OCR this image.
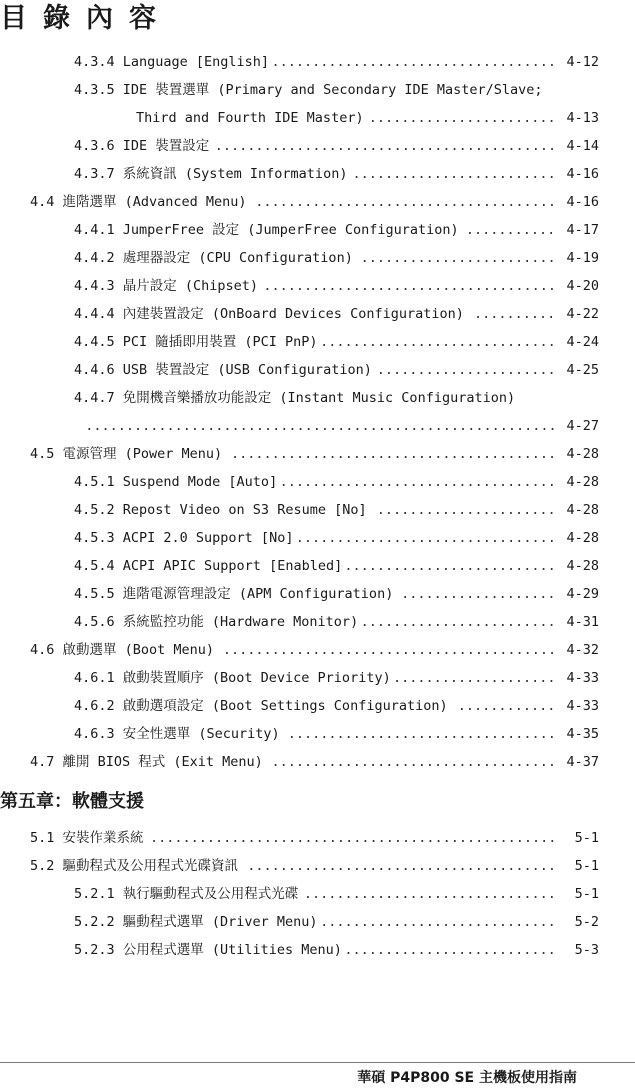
目錄內容
4.3.4 Language [English]	4-12
...................................
4.3.5 IDE 裝置選單 (Primary and Secondary IDE Master/Slave;
Third and Fourth IDE Master)	4-13
.......................
4.3.6 IDE 裝置設定	4-14
..........................................
4.3.7 系統資訊 (System Information)	4-16
.........................
4.4 進階選單 (Advanced Menu)	4-16
.....................................
4.4.1 JumperFree 設定 (JumperFree Configuration)	4-17
...........
4.4.2 處理器設定 (CPU Configuration)	4-19
........................
4.4.3 晶片設定 (Chipset)	4-20
....................................
4.4.4 內建裝置設定 (OnBoard Devices Configuration)	4-22
..........
4.4.5 PCI 隨插即用裝置 (PCI PnP)	4-24
.............................
4.4.6 USB 裝置設定 (USB Configuration)	4-25
......................
4.4.7 免開機音樂播放功能設定 (Instant Music Configuration)
4-27
..........................................................
4.5 電源管理 (Power Menu)	4-28
........................................
4.5.1 Suspend Mode [Auto]	4-28
..................................
4.5.2 Repost Video on S3 Resume [No]	4-28
......................
4.5.3 ACPI 2.0 Support [No]	4-28
................................
4.5.4 ACPI APIC Support [Enabled]	4-28
..........................
4.5.5 進階電源管理設定 (APM Configuration)	4-29
...................
4.5.6 系統監控功能 (Hardware Monitor)	4-31
........................
4.6 啟動選單 (Boot Menu)	4-32
.........................................
4.6.1 啟動裝置順序 (Boot Device Priority)	4-33
....................
4.6.2 啟動選項設定 (Boot Settings Configuration)	4-33
............
4.6.3 安全性選單 (Security)	4-35
.................................
4.7 離開 BIOS 程式 (Exit Menu)	4-37
...................................
第五章：軟體支援
5.1 安裝作業系統	5-1
..................................................
5.2 驅動程式及公用程式光碟資訊	5-1
......................................
5.2.1 執行驅動程式及公用程式光碟	5-1
...............................
5.2.2 驅動程式選單 (Driver Menu)	5-2
.............................
5.2.3 公用程式選單 (Utilities Menu)	5-3
..........................
華碩 P4P800 SE 主機板使用指南
